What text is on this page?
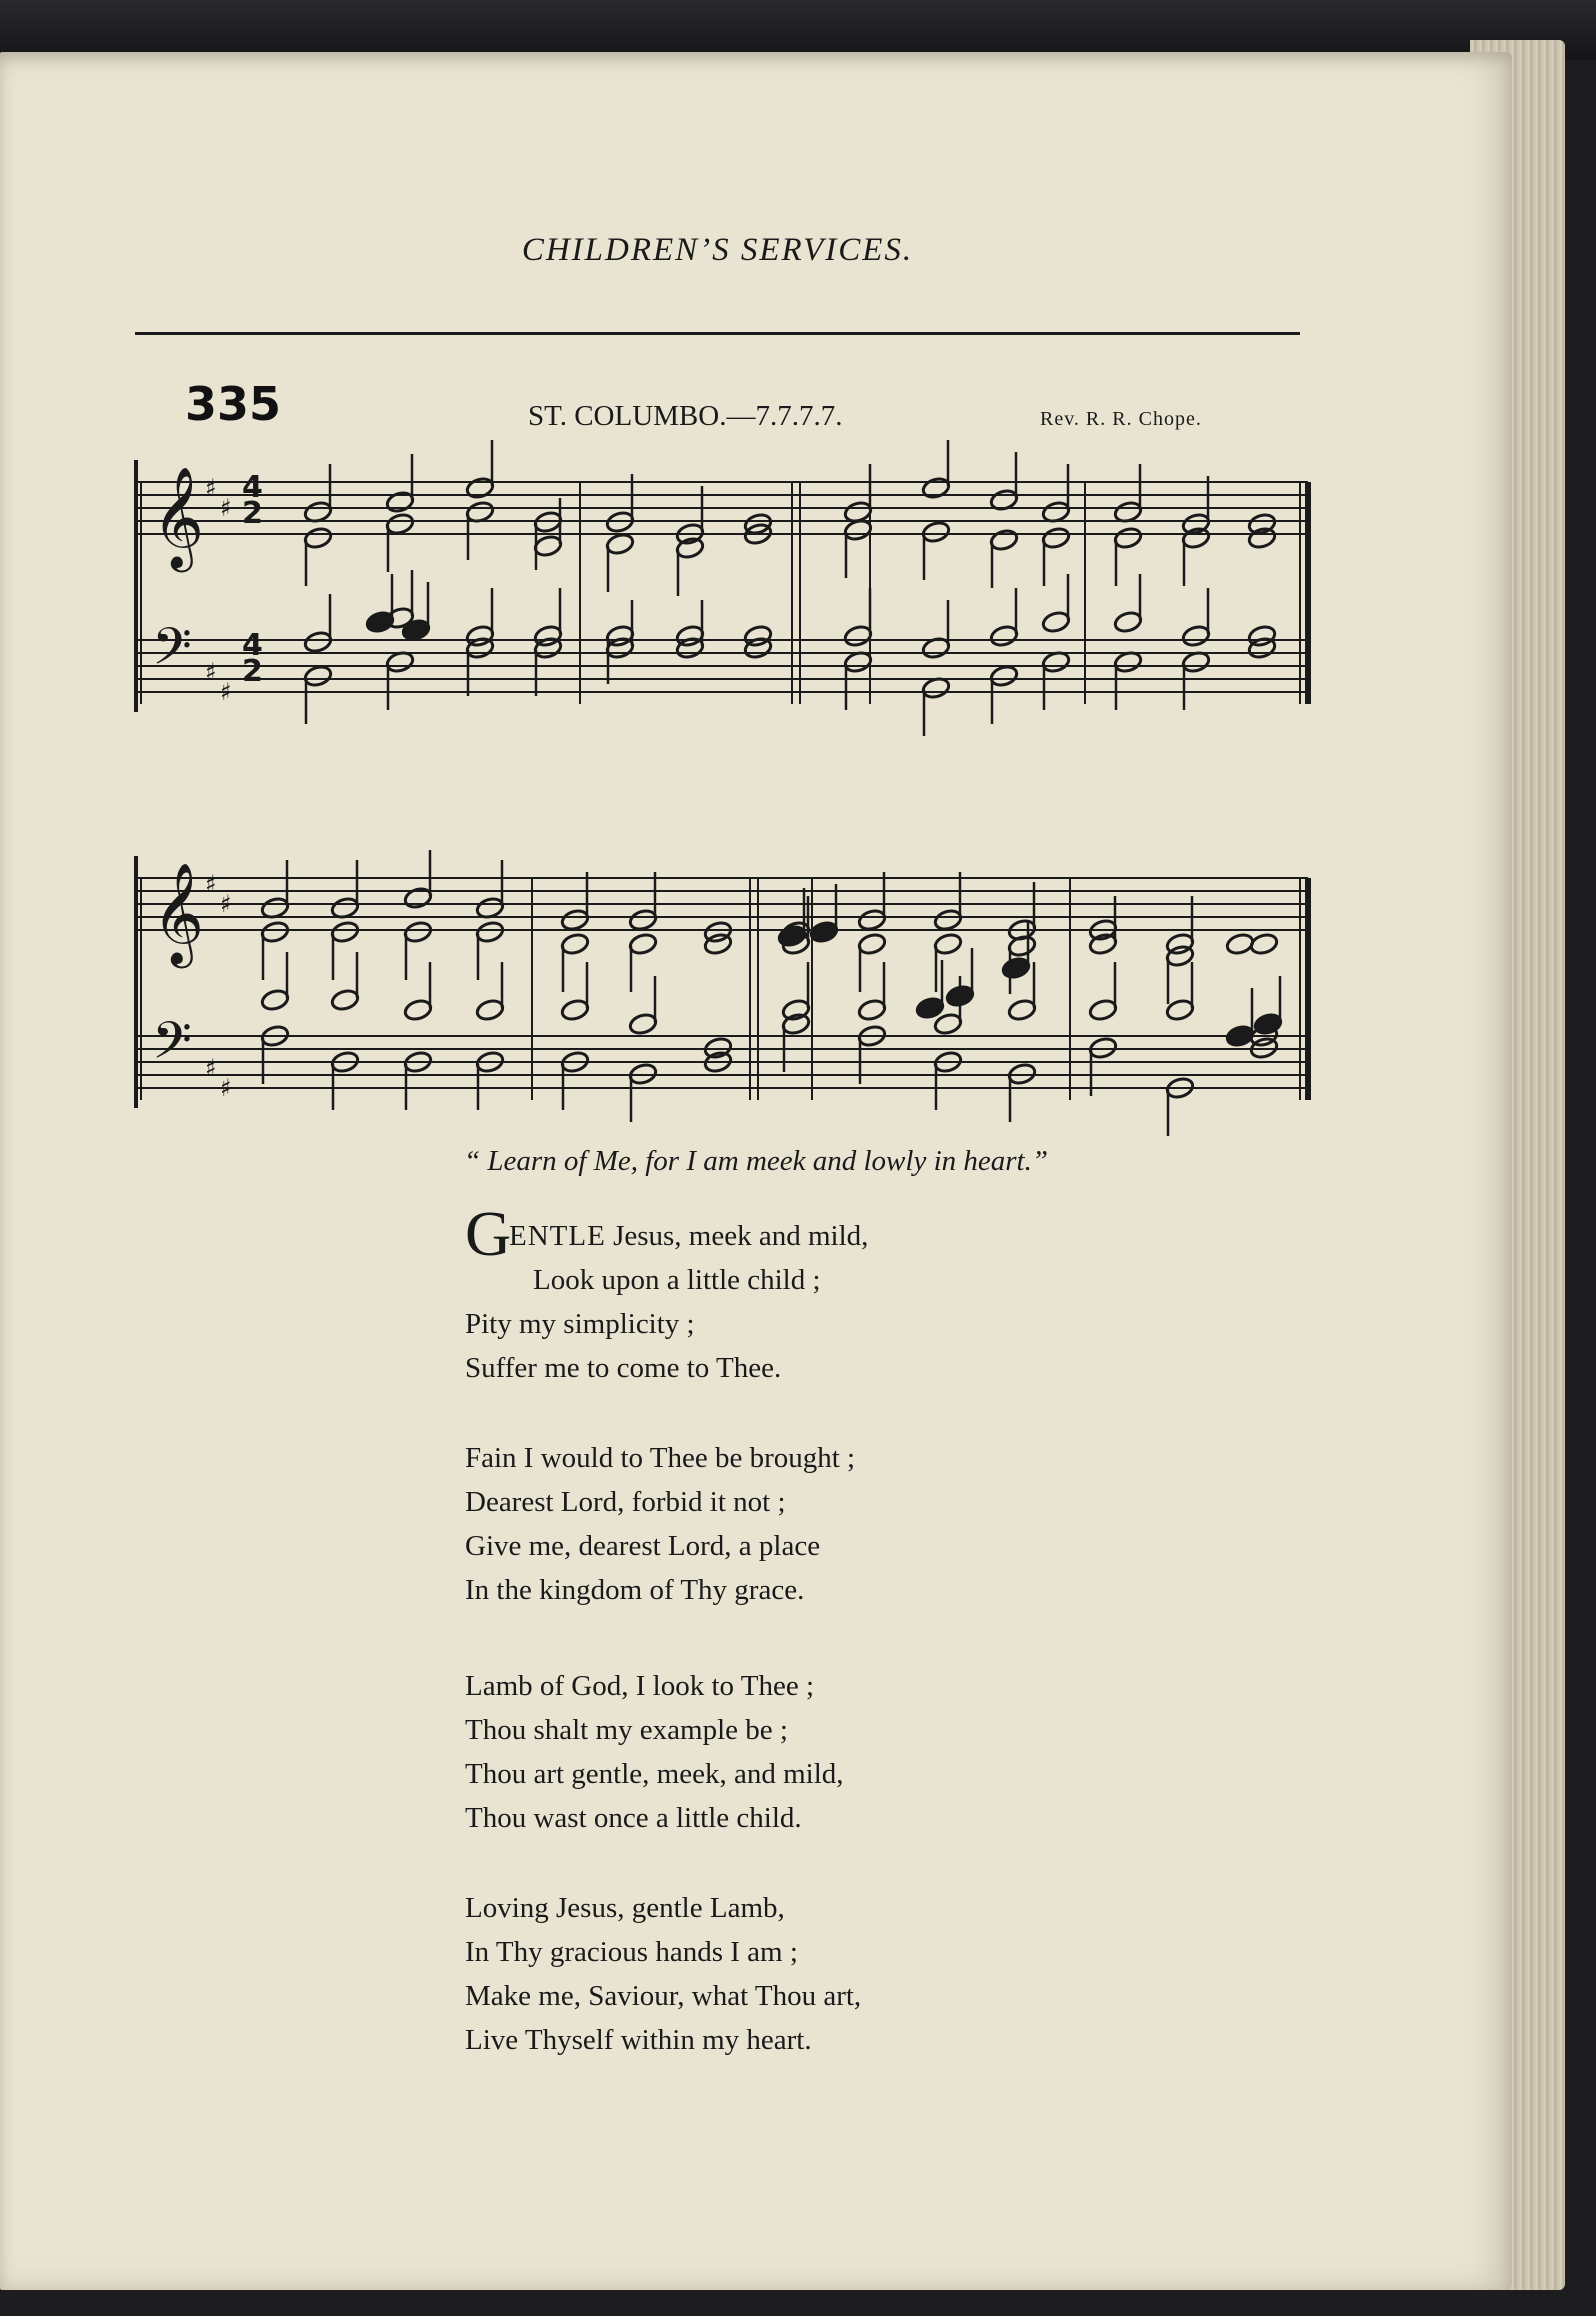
CHILDREN’S SERVICES.
335	ST. COLUMBO.—7.7.7.7.	Rev. R. R. Chope.
♯
♯
♯
♯
♯
♯
♯
♯
𝄞
𝄢
𝄞
𝄢
4
2
4
2
“ Learn of Me, for I am meek and lowly in heart.”
G
ENTLE Jesus, meek and mild,
Look upon a little child ;
Pity my simplicity ;
Suffer me to come to Thee.
Fain I would to Thee be brought ;
Dearest Lord, forbid it not ;
Give me, dearest Lord, a place
In the kingdom of Thy grace.
Lamb of God, I look to Thee ;
Thou shalt my example be ;
Thou art gentle, meek, and mild,
Thou wast once a little child.
Loving Jesus, gentle Lamb,
In Thy gracious hands I am ;
Make me, Saviour, what Thou art,
Live Thyself within my heart.
